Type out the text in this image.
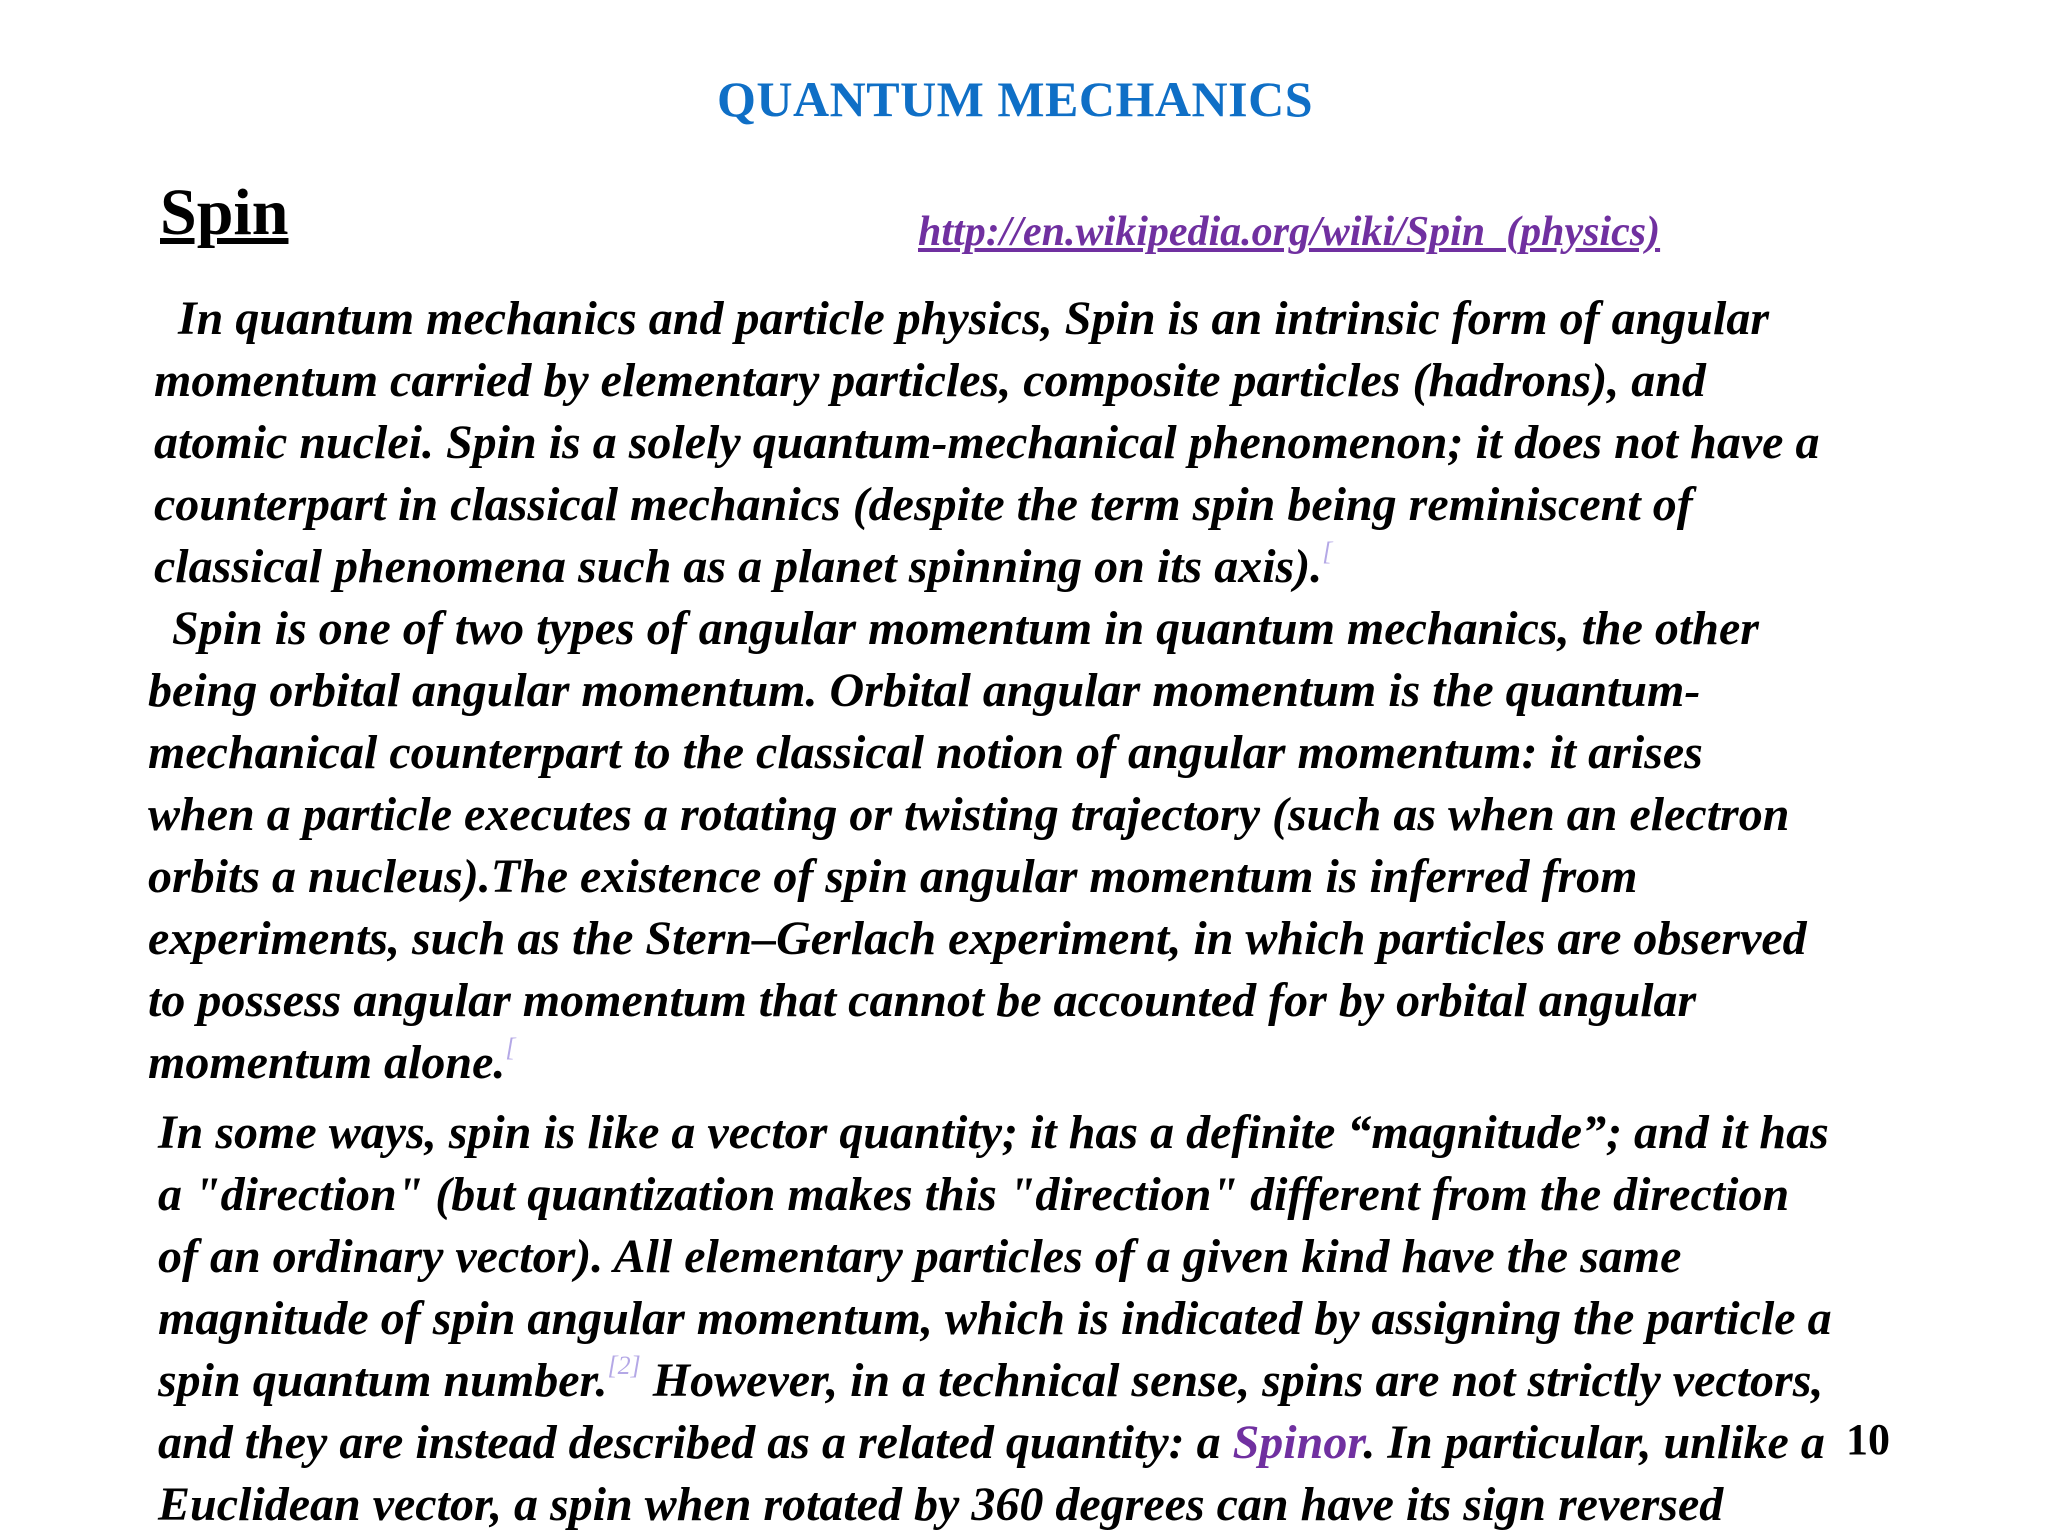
QUANTUM MECHANICS
Spin	http://en.wikipedia.org/wiki/Spin_(physics)

In quantum mechanics and particle physics, Spin is an intrinsic form of angular
momentum carried by elementary particles, composite particles (hadrons), and
atomic nuclei. Spin is a solely quantum-mechanical phenomenon; it does not have a
counterpart in classical mechanics (despite the term spin being reminiscent of
classical phenomena such as a planet spinning on its axis).[

Spin is one of two types of angular momentum in quantum mechanics, the other
being orbital angular momentum. Orbital angular momentum is the quantum-
mechanical counterpart to the classical notion of angular momentum: it arises
when a particle executes a rotating or twisting trajectory (such as when an electron
orbits a nucleus).The existence of spin angular momentum is inferred from
experiments, such as the Stern–Gerlach experiment, in which particles are observed
to possess angular momentum that cannot be accounted for by orbital angular
momentum alone.[

In some ways, spin is like a vector quantity; it has a definite “magnitude”; and it has
a "direction" (but quantization makes this "direction" different from the direction
of an ordinary vector). All elementary particles of a given kind have the same
magnitude of spin angular momentum, which is indicated by assigning the particle a
spin quantum number.[2] However, in a technical sense, spins are not strictly vectors,
and they are instead described as a related quantity: a Spinor. In particular, unlike a
Euclidean vector, a spin when rotated by 360 degrees can have its sign reversed

10
